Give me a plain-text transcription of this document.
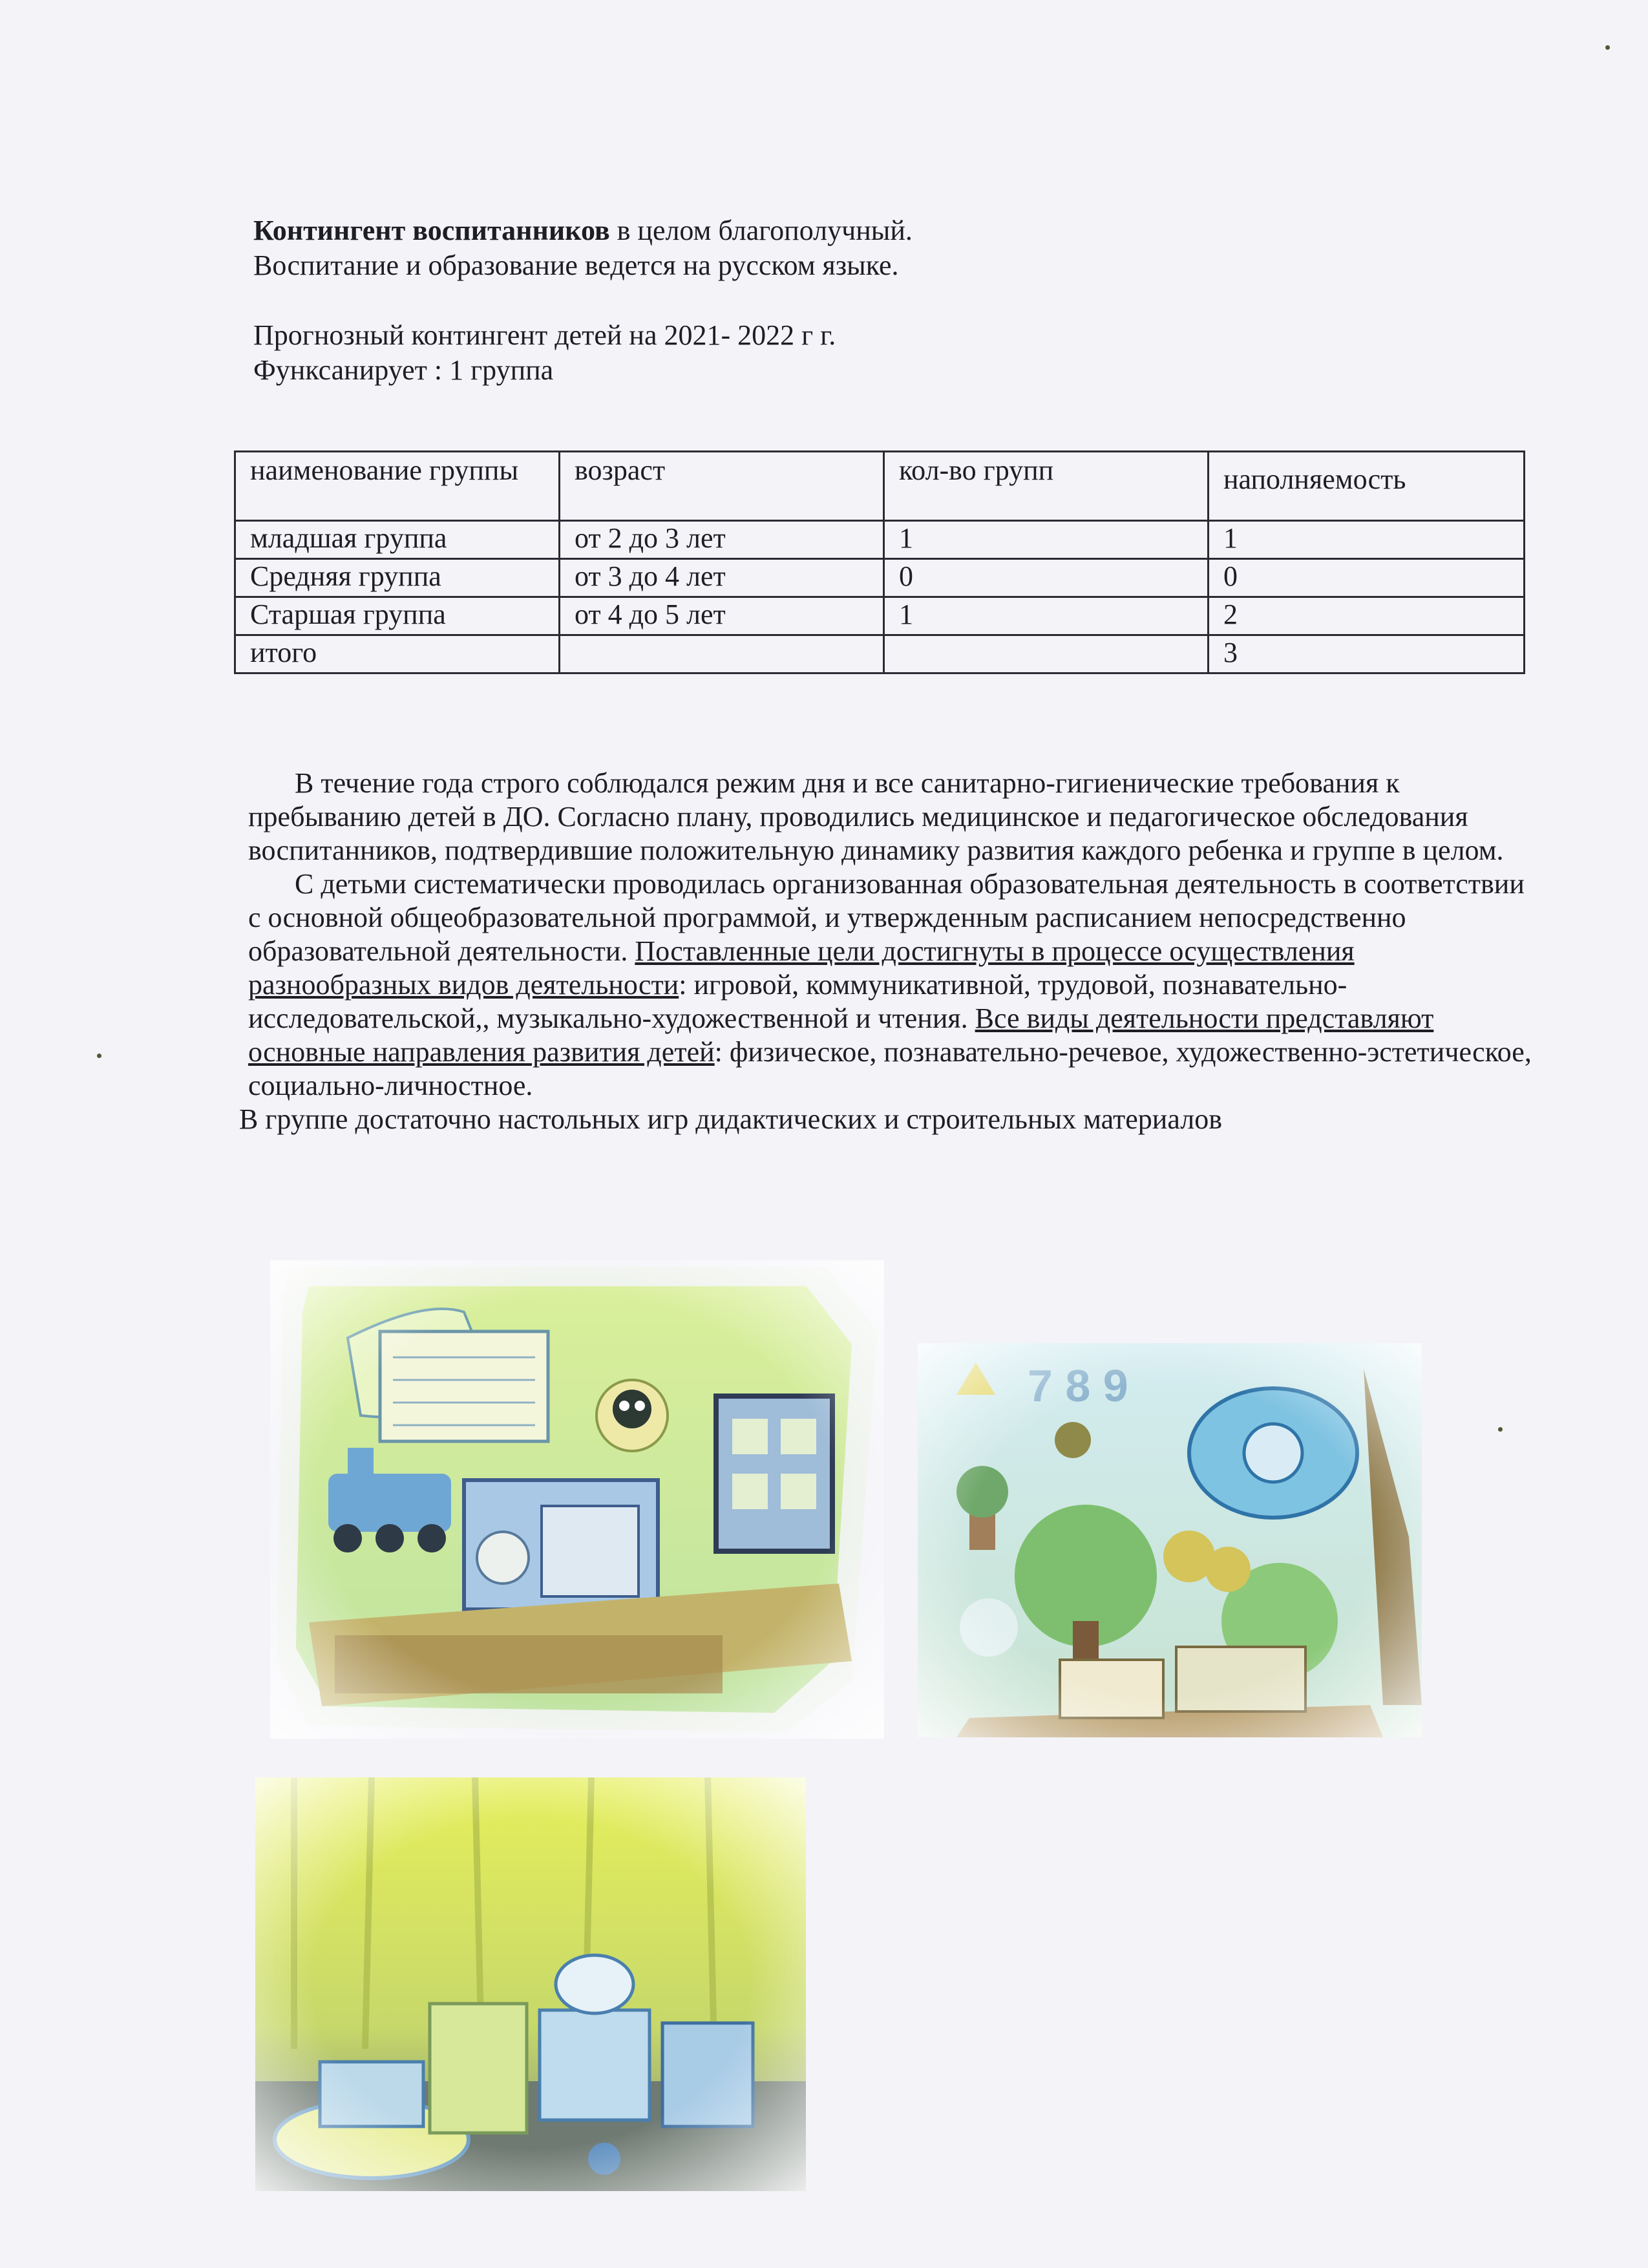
Контингент воспитанников в целом благополучный.

Воспитание и образование ведется на русском языке.

Прогнозный контингент детей на 2021- 2022 г г.

Функсанирует : 1 группа

наименование группы	возраст	кол-во групп	наполняемость
младшая группа	от 2 до 3 лет	1	1
Средняя группа	от 3 до 4 лет	0	0
Старшая группа	от 4 до 5 лет	1	2
итого			3

В течение года строго соблюдался режим дня и все санитарно-гигиенические требования к пребыванию детей в ДО. Согласно плану, проводились медицинское и педагогическое обследования воспитанников, подтвердившие положительную динамику развития каждого ребенка и группе в целом.

С детьми систематически проводилась организованная образовательная деятельность в соответствии с основной общеобразовательной программой, и утвержденным расписанием непосредственно образовательной деятельности. Поставленные цели достигнуты в процессе осуществления разнообразных видов деятельности: игровой, коммуникативной, трудовой, познавательно-исследовательской,, музыкально-художественной и чтения. Все виды деятельности представляют основные направления развития детей: физическое, познавательно-речевое, художественно-эстетическое, социально-личностное.

В группе достаточно настольных игр дидактических и строительных материалов
